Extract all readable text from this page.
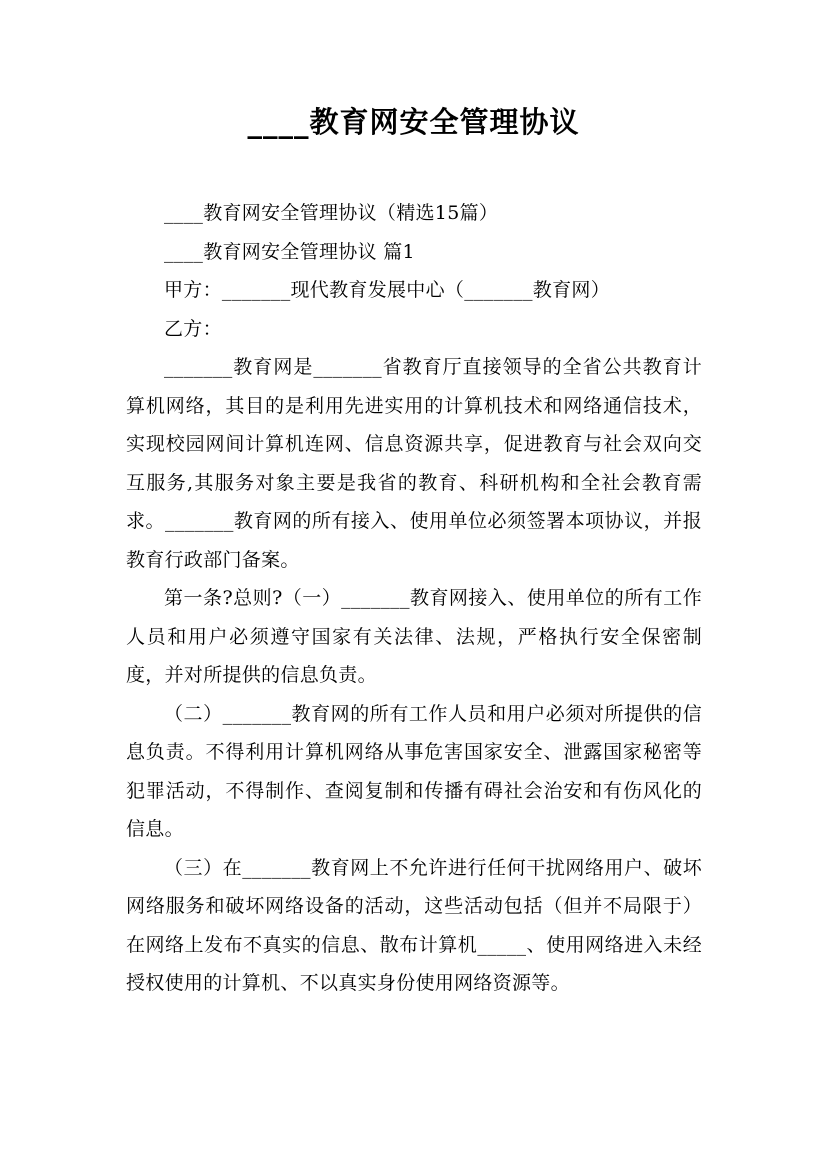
____教育网安全管理协议

____教育网安全管理协议（精选15篇）

____教育网安全管理协议 篇1

甲方：_______现代教育发展中心（_______教育网）

乙方：

_______教育网是_______省教育厅直接领导的全省公共教育计算机网络，其目的是利用先进实用的计算机技术和网络通信技术，实现校园网间计算机连网、信息资源共享，促进教育与社会双向交互服务,其服务对象主要是我省的教育、科研机构和全社会教育需求。_______教育网的所有接入、使用单位必须签署本项协议，并报教育行政部门备案。

第一条?总则?（一）_______教育网接入、使用单位的所有工作人员和用户必须遵守国家有关法律、法规，严格执行安全保密制度，并对所提供的信息负责。

（二）_______教育网的所有工作人员和用户必须对所提供的信息负责。不得利用计算机网络从事危害国家安全、泄露国家秘密等犯罪活动，不得制作、查阅复制和传播有碍社会治安和有伤风化的信息。

（三）在_______教育网上不允许进行任何干扰网络用户、破坏网络服务和破坏网络设备的活动，这些活动包括（但并不局限于）在网络上发布不真实的信息、散布计算机_____、使用网络进入未经授权使用的计算机、不以真实身份使用网络资源等。
